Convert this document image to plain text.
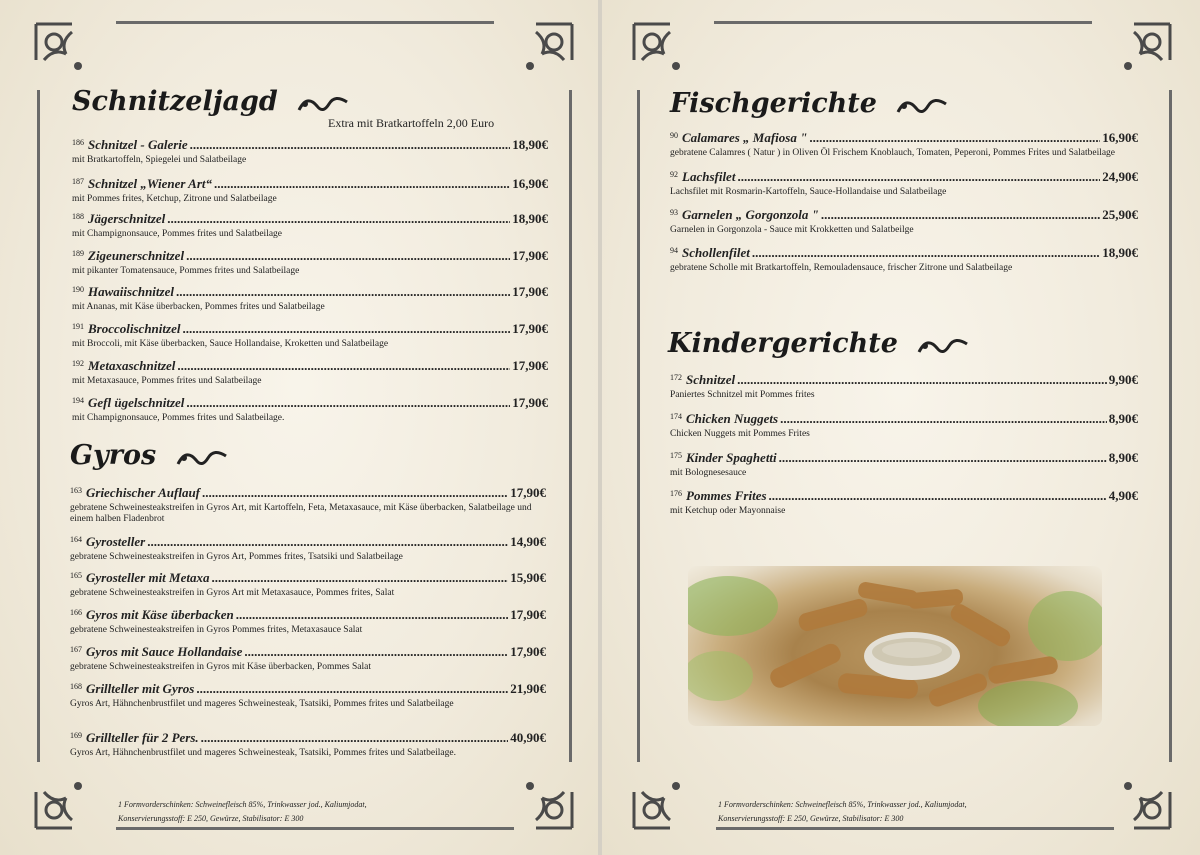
Schnitzeljagd
Extra mit Bratkartoffeln 2,00 Euro
186 Schnitzel - Galerie .....	18,90€
mit Bratkartoffeln, Spiegelei und Salatbeilage
187 Schnitzel „Wiener Art“ .....	16,90€
mit Pommes frites, Ketchup, Zitrone und Salatbeilage
188 Jägerschnitzel .....	18,90€
mit Champignonsauce, Pommes frites und Salatbeilage
189 Zigeunerschnitzel .....	17,90€
mit pikanter Tomatensauce, Pommes frites und Salatbeilage
190 Hawaiischnitzel .....	17,90€
mit Ananas, mit Käse überbacken, Pommes frites und Salatbeilage
191 Broccolischnitzel .....	17,90€
mit Broccoli, mit Käse überbacken, Sauce Hollandaise, Kroketten und Salatbeilage
192 Metaxaschnitzel .....	17,90€
mit Metaxasauce, Pommes frites und Salatbeilage
194 Gefl ügelschnitzel .....	17,90€
mit Champignonsauce, Pommes frites und Salatbeilage.
Gyros
163 Griechischer Auflauf .....	17,90€
gebratene Schweinesteakstreifen in Gyros Art, mit Kartoffeln, Feta, Metaxasauce, mit Käse überbacken, Salatbeilage und einem halben Fladenbrot
164 Gyrosteller .....	14,90€
gebratene Schweinesteakstreifen in Gyros Art, Pommes frites, Tsatsiki und Salatbeilage
165 Gyrosteller mit Metaxa .....	15,90€
gebratene Schweinesteakstreifen in Gyros Art mit Metaxasauce, Pommes frites, Salat
166 Gyros mit Käse überbacken .....	17,90€
gebratene Schweinesteakstreifen in Gyros Pommes frites, Metaxasauce Salat
167 Gyros mit Sauce Hollandaise .....	17,90€
gebratene Schweinesteakstreifen in Gyros mit Käse überbacken, Pommes Salat
168 Grillteller mit Gyros .....	21,90€
Gyros Art, Hähnchenbrustfilet und mageres Schweinesteak, Tsatsiki, Pommes frites und Salatbeilage
169 Grillteller für 2 Pers. .....	40,90€
Gyros Art, Hähnchenbrustfilet und mageres Schweinesteak, Tsatsiki, Pommes frites und Salatbeilage.
1 Formvorderschinken: Schweinefleisch 85%, Trinkwasser jod., Kaliumjodat, Konservierungsstoff: E 250, Gewürze, Stabilisator: E 300
Fischgerichte
90 Calamares „ Mafiosa " .....	16,90€
gebratene Calamres ( Natur ) in Oliven Öl Frischem Knoblauch, Tomaten, Peperoni, Pommes Frites und Salatbeilage
92 Lachsfilet .....	24,90€
Lachsfilet mit Rosmarin-Kartoffeln, Sauce-Hollandaise und Salatbeilage
93 Garnelen „ Gorgonzola " .....	25,90€
Garnelen in Gorgonzola - Sauce mit Krokketten und Salatbeilge
94 Schollenfilet .....	18,90€
gebratene Scholle mit Bratkartoffeln, Remouladensauce, frischer Zitrone und Salatbeilage
Kindergerichte
172 Schnitzel .....	9,90€
Paniertes Schnitzel mit Pommes frites
174 Chicken Nuggets .....	8,90€
Chicken Nuggets mit Pommes Frites
175 Kinder Spaghetti .....	8,90€
mit Bolognesesauce
176 Pommes Frites .....	4,90€
mit Ketchup oder Mayonnaise
1 Formvorderschinken: Schweinefleisch 85%, Trinkwasser jod., Kaliumjodat, Konservierungsstoff: E 250, Gewürze, Stabilisator: E 300
